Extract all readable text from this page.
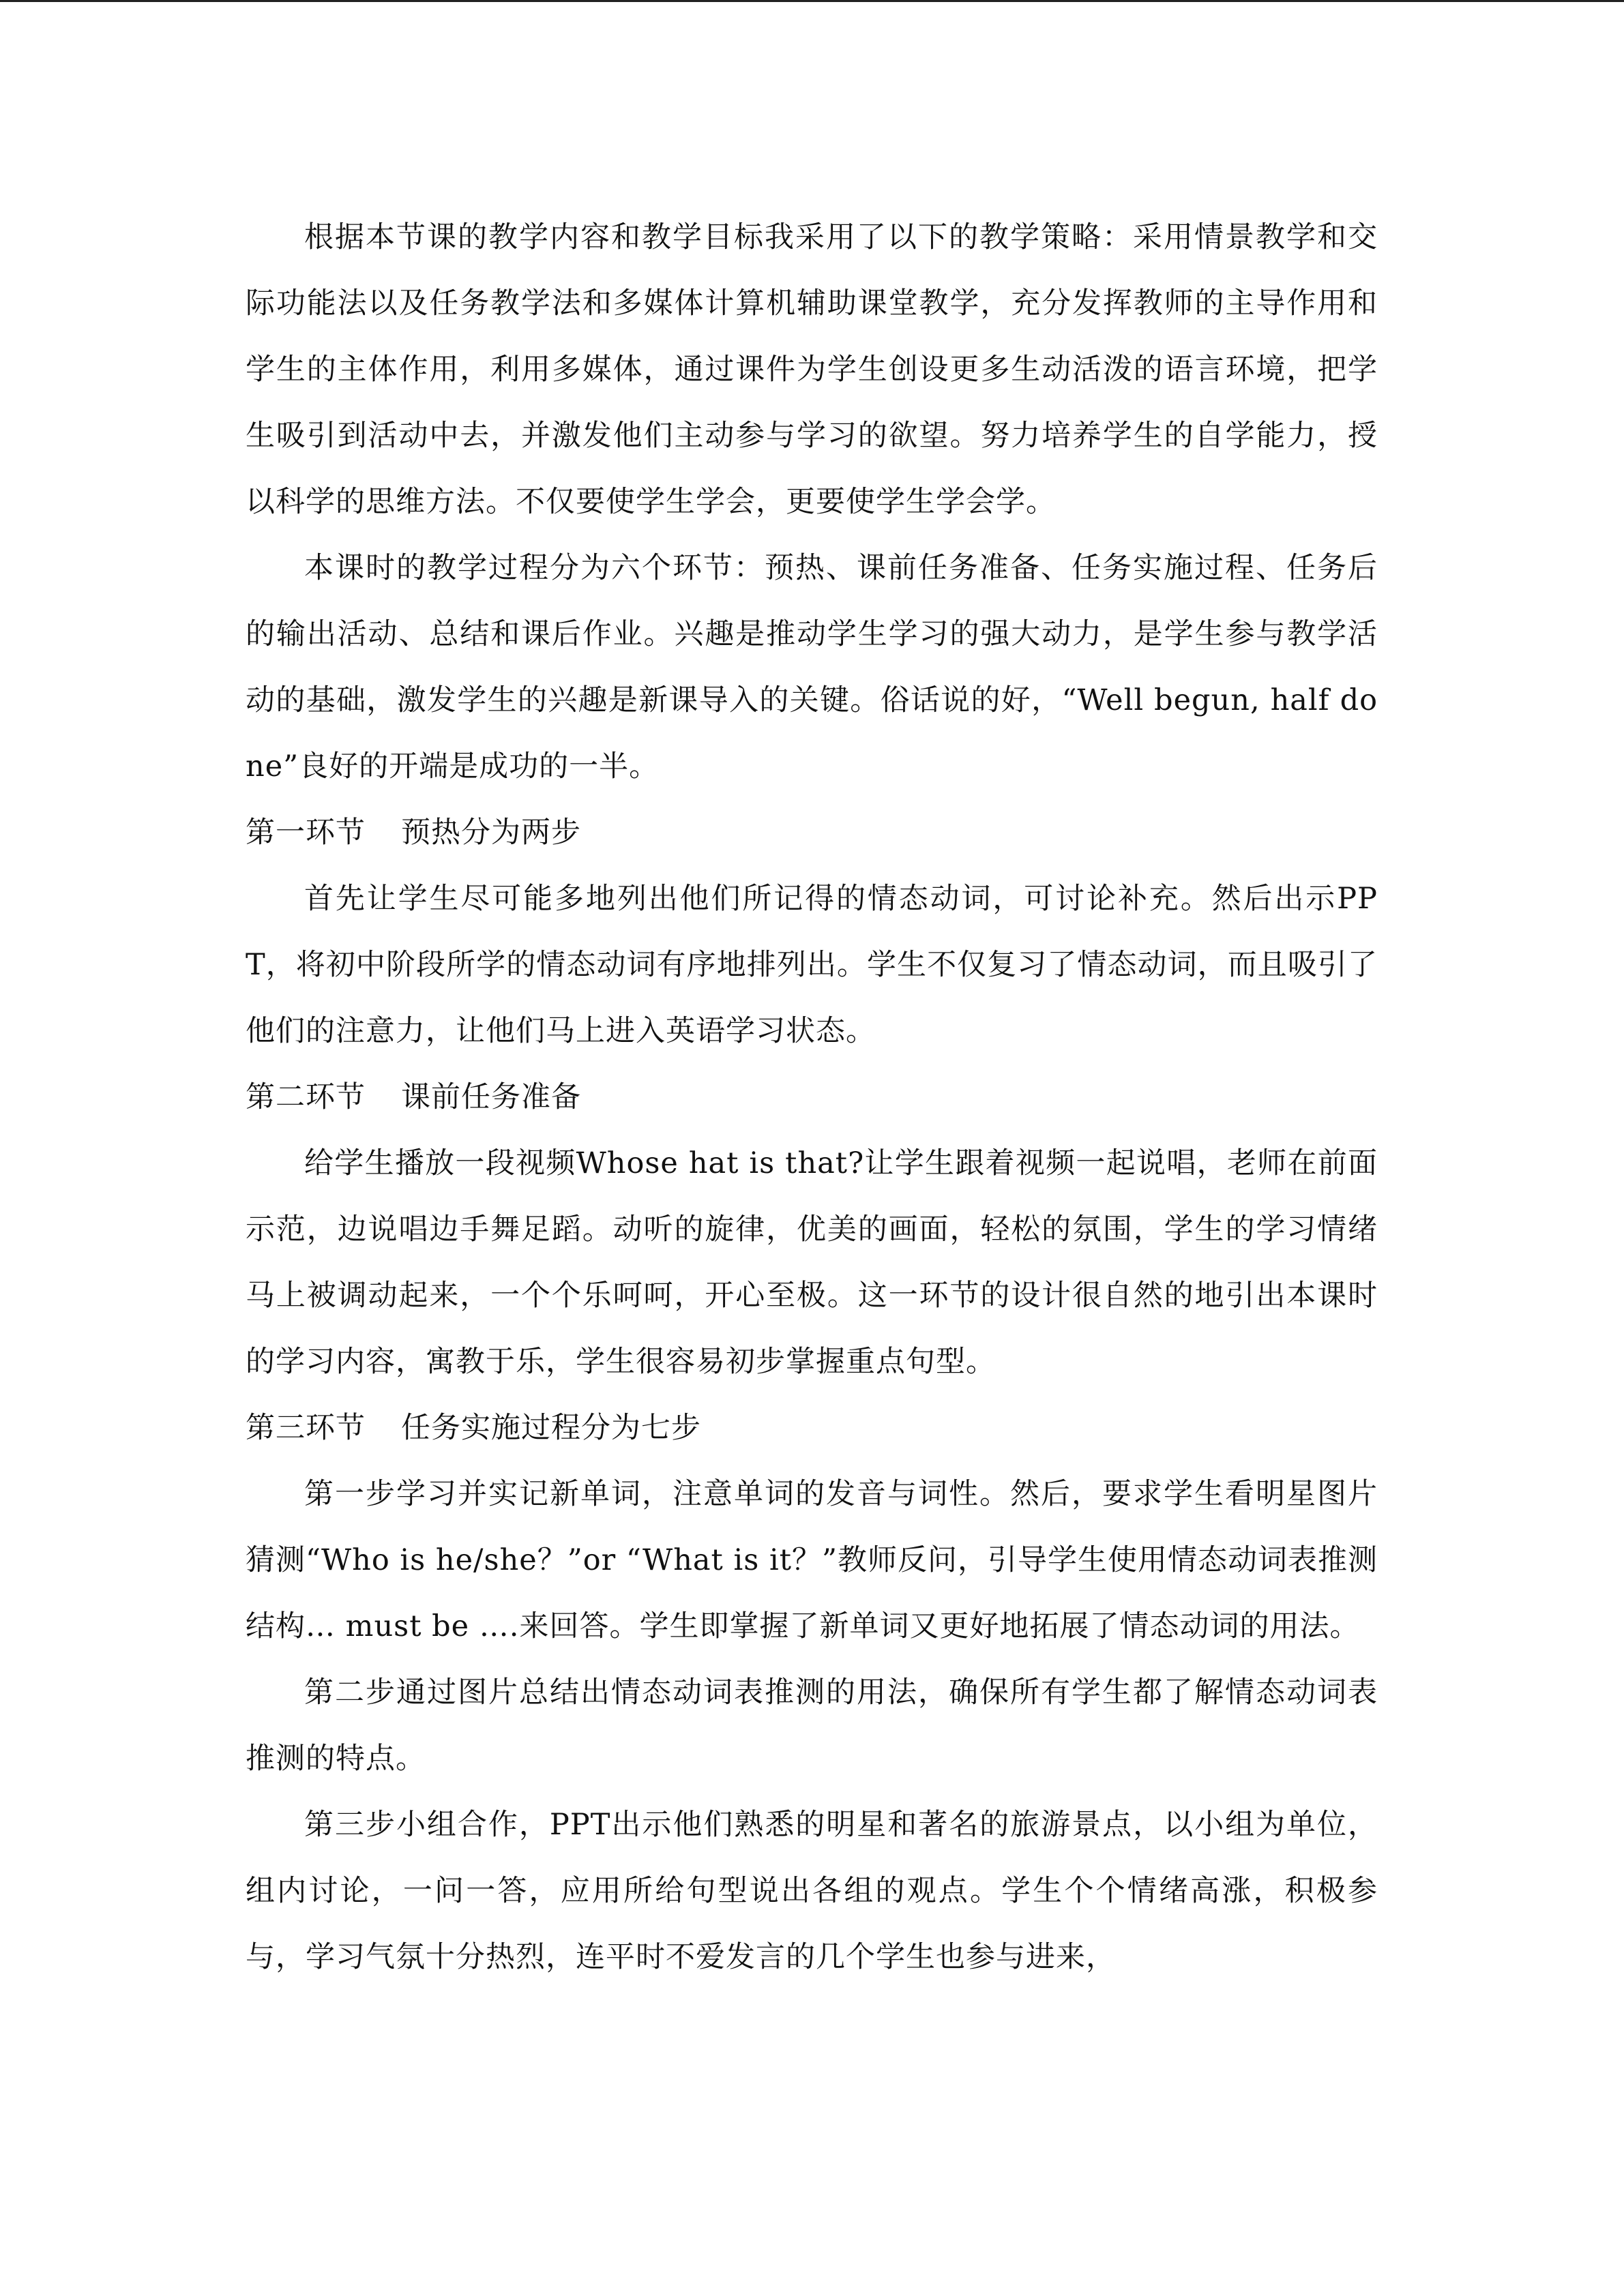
根据本节课的教学内容和教学目标我采用了以下的教学策略：采用情景教学和交际功能法以及任务教学法和多媒体计算机辅助课堂教学，充分发挥教师的主导作用和学生的主体作用，利用多媒体，通过课件为学生创设更多生动活泼的语言环境，把学生吸引到活动中去，并激发他们主动参与学习的欲望。努力培养学生的自学能力，授以科学的思维方法。不仅要使学生学会，更要使学生学会学。

本课时的教学过程分为六个环节：预热、课前任务准备、任务实施过程、任务后的输出活动、总结和课后作业。兴趣是推动学生学习的强大动力，是学生参与教学活动的基础，激发学生的兴趣是新课导入的关键。俗话说的好，“Well begun, half done”良好的开端是成功的一半。

第一环节 预热分为两步

首先让学生尽可能多地列出他们所记得的情态动词，可讨论补充。然后出示PPT，将初中阶段所学的情态动词有序地排列出。学生不仅复习了情态动词，而且吸引了他们的注意力，让他们马上进入英语学习状态。

第二环节 课前任务准备

给学生播放一段视频Whose hat is that?让学生跟着视频一起说唱，老师在前面示范，边说唱边手舞足蹈。动听的旋律，优美的画面，轻松的氛围，学生的学习情绪马上被调动起来，一个个乐呵呵，开心至极。这一环节的设计很自然的地引出本课时的学习内容，寓教于乐，学生很容易初步掌握重点句型。

第三环节 任务实施过程分为七步

第一步学习并实记新单词，注意单词的发音与词性。然后，要求学生看明星图片猜测“Who is he/she？”or “What is it？”教师反问，引导学生使用情态动词表推测结构… must be ….来回答。学生即掌握了新单词又更好地拓展了情态动词的用法。

第二步通过图片总结出情态动词表推测的用法，确保所有学生都了解情态动词表推测的特点。

第三步小组合作，PPT出示他们熟悉的明星和著名的旅游景点，以小组为单位，组内讨论，一问一答，应用所给句型说出各组的观点。学生个个情绪高涨，积极参与，学习气氛十分热烈，连平时不爱发言的几个学生也参与进来，
